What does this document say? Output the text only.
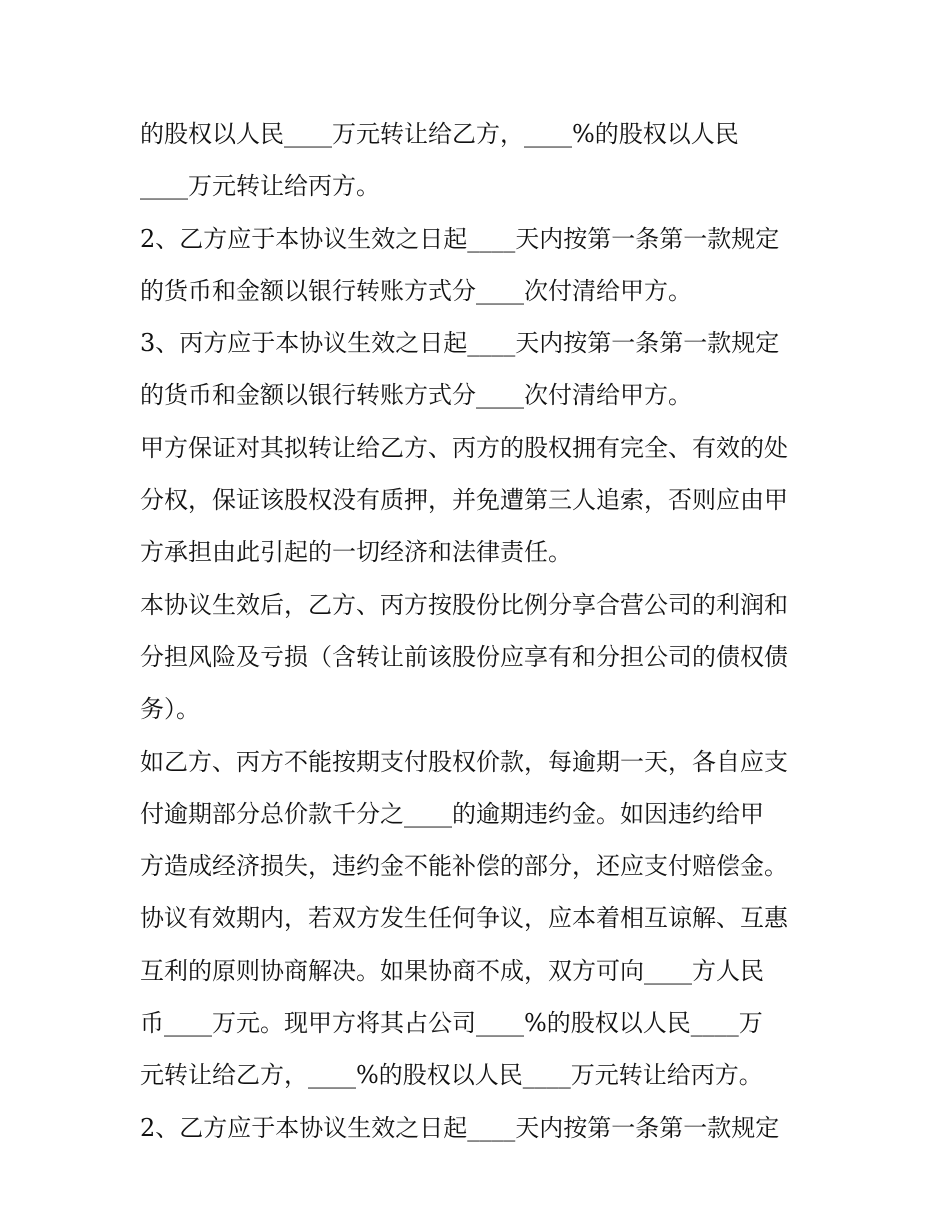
的股权以人民____万元转让给乙方，____%的股权以人民
____万元转让给丙方。
2、乙方应于本协议生效之日起____天内按第一条第一款规定
的货币和金额以银行转账方式分____次付清给甲方。
3、丙方应于本协议生效之日起____天内按第一条第一款规定
的货币和金额以银行转账方式分____次付清给甲方。
甲方保证对其拟转让给乙方、丙方的股权拥有完全、有效的处
分权，保证该股权没有质押，并免遭第三人追索，否则应由甲
方承担由此引起的一切经济和法律责任。
本协议生效后，乙方、丙方按股份比例分享合营公司的利润和
分担风险及亏损（含转让前该股份应享有和分担公司的债权债
务）。
如乙方、丙方不能按期支付股权价款，每逾期一天，各自应支
付逾期部分总价款千分之____的逾期违约金。如因违约给甲
方造成经济损失，违约金不能补偿的部分，还应支付赔偿金。
协议有效期内，若双方发生任何争议，应本着相互谅解、互惠
互利的原则协商解决。如果协商不成，双方可向____方人民
币____万元。现甲方将其占公司____%的股权以人民____万
元转让给乙方，____%的股权以人民____万元转让给丙方。
2、乙方应于本协议生效之日起____天内按第一条第一款规定
